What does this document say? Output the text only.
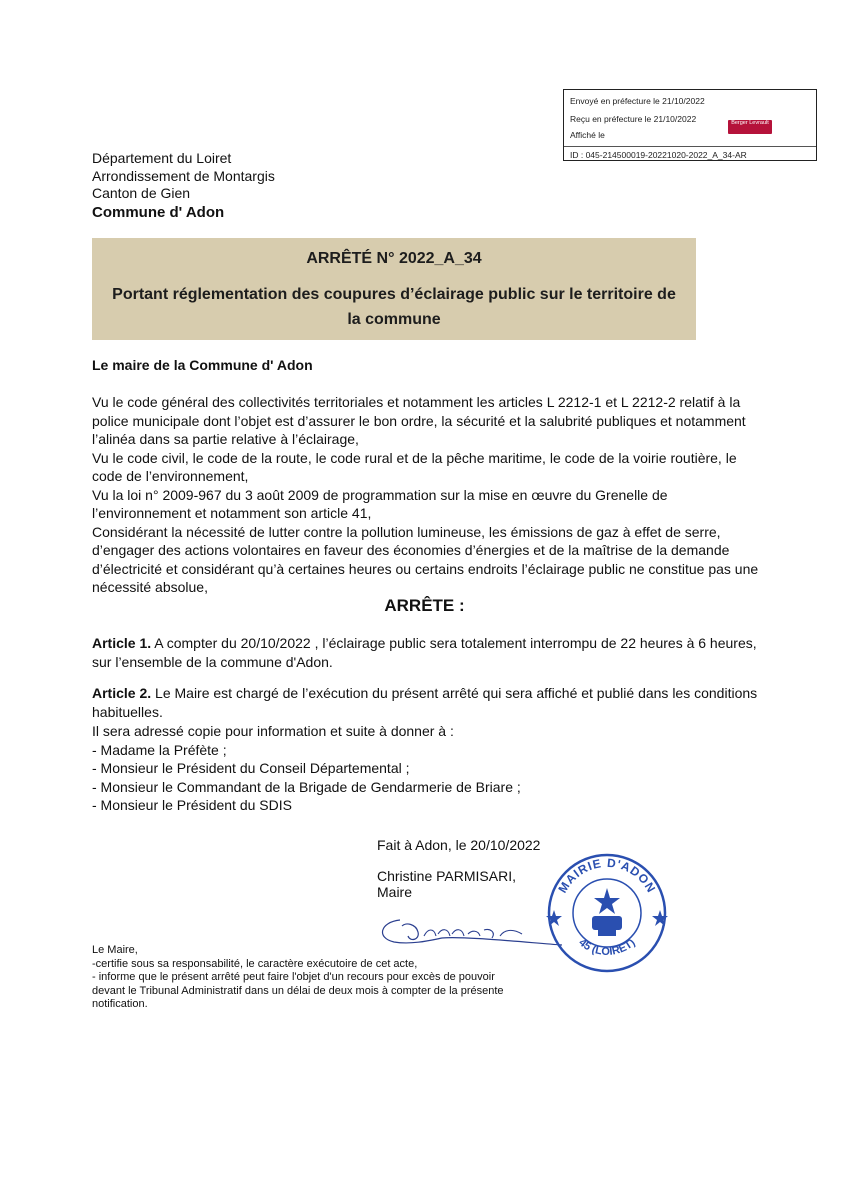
Envoyé en préfecture le 21/10/2022
Reçu en préfecture le 21/10/2022
Affiché le
Berger Levrault
ID : 045-214500019-20221020-2022_A_34-AR
Département du Loiret
Arrondissement de Montargis
Canton de Gien
Commune d' Adon
ARRÊTÉ N° 2022_A_34
Portant réglementation des coupures d’éclairage public sur le territoire de la commune
Le maire de la Commune d' Adon

Vu le code général des collectivités territoriales et notamment les articles L 2212-1 et L 2212-2 relatif à la police municipale dont l’objet est d’assurer le bon ordre, la sécurité et la salubrité publiques et notamment l’alinéa dans sa partie relative à l’éclairage,

Vu le code civil, le code de la route, le code rural et de la pêche maritime, le code de la voirie routière, le code de l’environnement,

Vu la loi n° 2009-967 du 3 août 2009 de programmation sur la mise en œuvre du Grenelle de l’environnement et notamment son article 41,

Considérant la nécessité de lutter contre la pollution lumineuse, les émissions de gaz à effet de serre, d’engager des actions volontaires en faveur des économies d’énergies et de la maîtrise de la demande d’électricité et considérant qu’à certaines heures ou certains endroits l’éclairage public ne constitue pas une nécessité absolue,

ARRÊTE :
Article 1. A compter du 20/10/2022 , l’éclairage public sera totalement interrompu de 22 heures à 6 heures, sur l’ensemble de la commune d'Adon.
Article 2. Le Maire est chargé de l’exécution du présent arrêté qui sera affiché et publié dans les conditions habituelles.
Il sera adressé copie pour information et suite à donner à :
- Madame la Préfète ;
- Monsieur le Président du Conseil Départemental ;
- Monsieur le Commandant de la Brigade de Gendarmerie de Briare ;
- Monsieur le Président du SDIS
Fait à Adon, le 20/10/2022
Christine PARMISARI,
Maire	MAIRIE D'ADON
45 (LOIRET)
Le Maire,
-certifie sous sa responsabilité, le caractère exécutoire de cet acte,
- informe que le présent arrêté peut faire l'objet d'un recours pour excès de pouvoir
devant le Tribunal Administratif dans un délai de deux mois à compter de la présente
notification.
